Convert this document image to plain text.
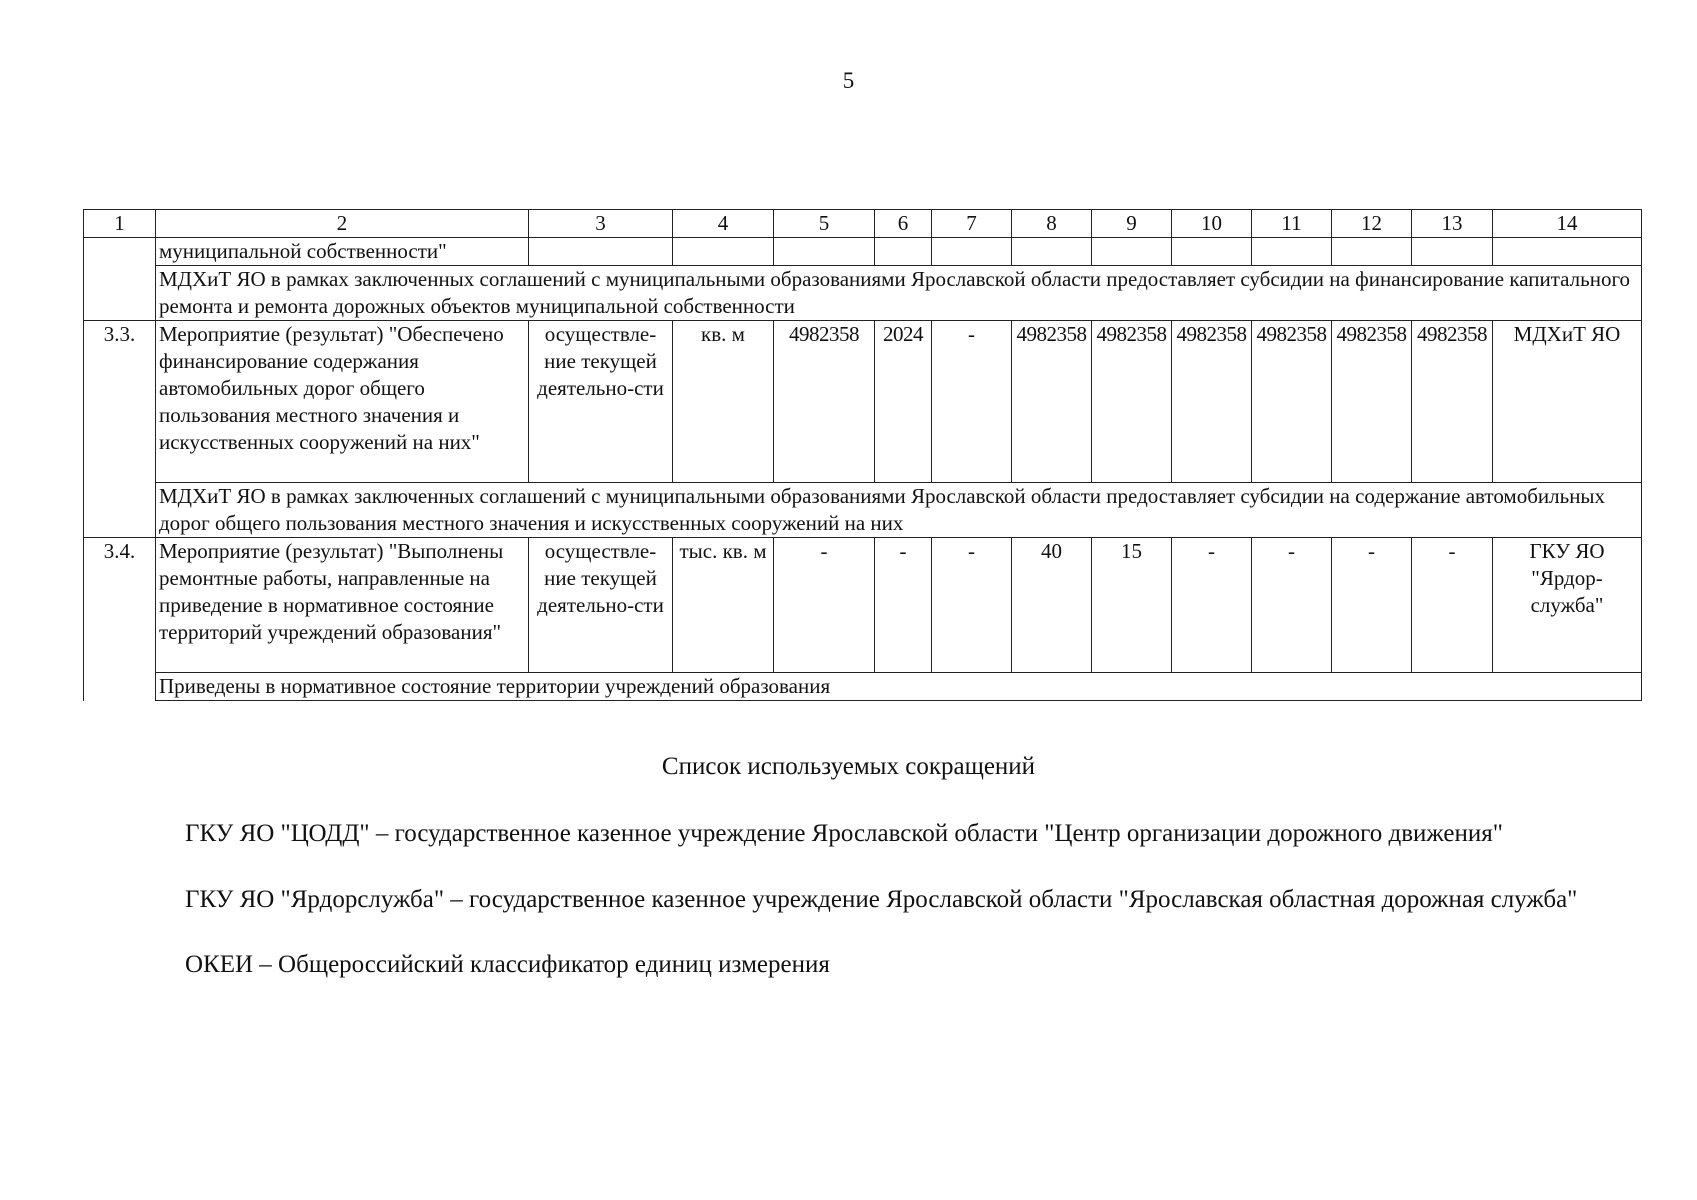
5
1	2	3	4	5	6	7	8	9	10	11	12	13	14
	муниципальной собственности"												
	МДХиТ ЯО в рамках заключенных соглашений с муниципальными образованиями Ярославской области предоставляет субсидии на финансирование капитального ремонта и ремонта дорожных объектов муниципальной собственности												
3.3.	Мероприятие (результат) "Обеспечено финансирование содержания автомобильных дорог общего пользования местного значения и искусственных сооружений на них"	осуществле-ние текущей деятельно-сти	кв. м	4982358	2024	-	4982358	4982358	4982358	4982358	4982358	4982358	МДХиТ ЯО
	МДХиТ ЯО в рамках заключенных соглашений с муниципальными образованиями Ярославской области предоставляет субсидии на содержание автомобильных дорог общего пользования местного значения и искусственных сооружений на них												
3.4.	Мероприятие (результат) "Выполнены ремонтные работы, направленные на приведение в нормативное состояние территорий учреждений образования"	осуществле-ние текущей деятельно-сти	тыс. кв. м	-	-	-	40	15	-	-	-	-	ГКУ ЯО "Ярдор-служба"
	Приведены в нормативное состояние территории учреждений образования												
Список используемых сокращений
ГКУ ЯО "ЦОДД" – государственное казенное учреждение Ярославской области "Центр организации дорожного движения"
ГКУ ЯО "Ярдорслужба" – государственное казенное учреждение Ярославской области "Ярославская областная дорожная служба"
ОКЕИ – Общероссийский классификатор единиц измерения
